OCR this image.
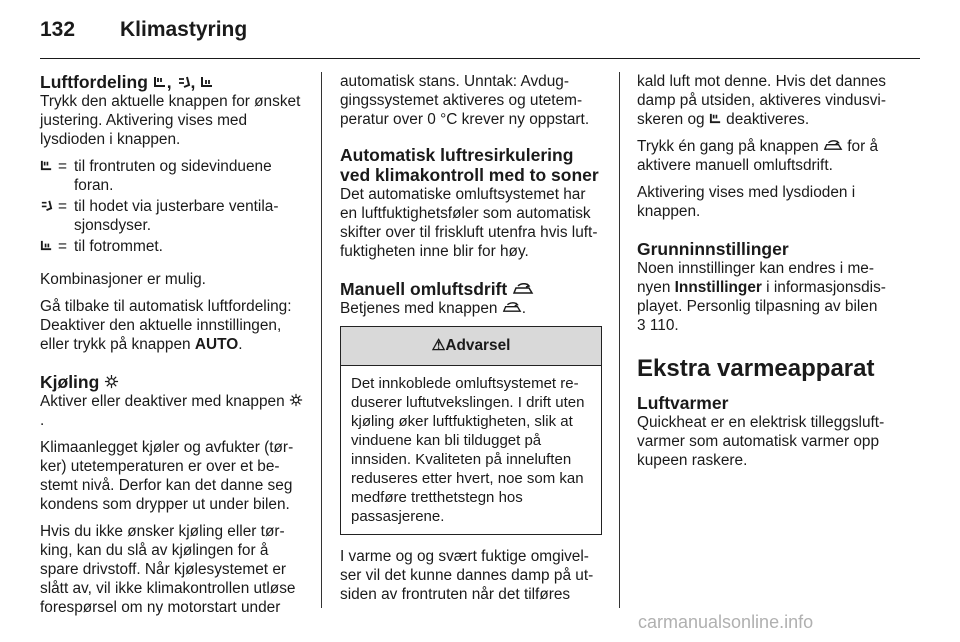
132 Klimastyring
Luftfordeling , ,

Trykk den aktuelle knappen for ønsket justering. Aktivering vises med lysdioden i knappen.

= til frontruten og sidevinduene foran.
= til hodet via justerbare ventilasjonsdyser.
= til fotrommet.

Kombinasjoner er mulig.

Gå tilbake til automatisk luftfordeling: Deaktiver den aktuelle innstillingen, eller trykk på knappen AUTO.

Kjøling

Aktiver eller deaktiver med knappen .

Klimaanlegget kjøler og avfukter (tørker) utetemperaturen er over et bestemt nivå. Derfor kan det danne seg kondens som drypper ut under bilen.

Hvis du ikke ønsker kjøling eller tørking, kan du slå av kjølingen for å spare drivstoff. Når kjølesystemet er slått av, vil ikke klimakontrollen utløse forespørsel om ny motorstart under

automatisk stans. Unntak: Avduggingssystemet aktiveres og utetemperatur over 0 °C krever ny oppstart.

Automatisk luftresirkulering ved klimakontroll med to soner

Det automatiske omluftsystemet har en luftfuktighetsføler som automatisk skifter over til friskluft utenfra hvis luftfuktigheten inne blir for høy.

Manuell omluftsdrift

Betjenes med knappen .

⚠Advarsel
Det innkoblede omluftsystemet reduserer luftutvekslingen. I drift uten kjøling øker luftfuktigheten, slik at vinduene kan bli tildugget på innsiden. Kvaliteten på inneluften reduseres etter hvert, noe som kan medføre tretthetstegn hos passasjerene.

I varme og og svært fuktige omgivelser vil det kunne dannes damp på utsiden av frontruten når det tilføres

kald luft mot denne. Hvis det dannes damp på utsiden, aktiveres vindusviskeren og deaktiveres.

Trykk én gang på knappen for å aktivere manuell omluftsdrift.

Aktivering vises med lysdioden i knappen.

Grunninnstillinger

Noen innstillinger kan endres i menyen Innstillinger i informasjonsdisplayet. Personlig tilpasning av bilen
3 110.

Ekstra varmeapparat
Luftvarmer

Quickheat er en elektrisk tilleggsluftvarmer som automatisk varmer opp kupeen raskere.

carmanualsonline.info
